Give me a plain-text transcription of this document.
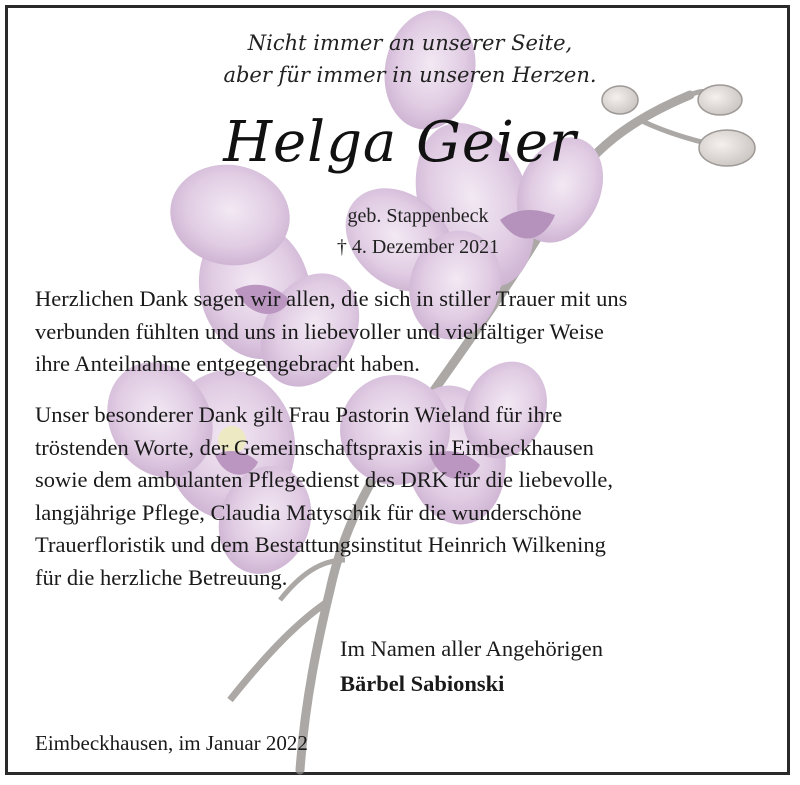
Nicht immer an unserer Seite,
aber für immer in unseren Herzen.
Helga Geier
geb. Stappenbeck
† 4. Dezember 2021
Herzlichen Dank sagen wir allen, die sich in stiller Trauer mit uns
verbunden fühlten und uns in liebevoller und vielfältiger Weise
ihre Anteilnahme entgegengebracht haben.
Unser besonderer Dank gilt Frau Pastorin Wieland für ihre
tröstenden Worte, der Gemeinschaftspraxis in Eimbeckhausen
sowie dem ambulanten Pflegedienst des DRK für die liebevolle,
langjährige Pflege, Claudia Matyschik für die wunderschöne
Trauerfloristik und dem Bestattungsinstitut Heinrich Wilkening
für die herzliche Betreuung.
Im Namen aller Angehörigen
Bärbel Sabionski
Eimbeckhausen, im Januar 2022
